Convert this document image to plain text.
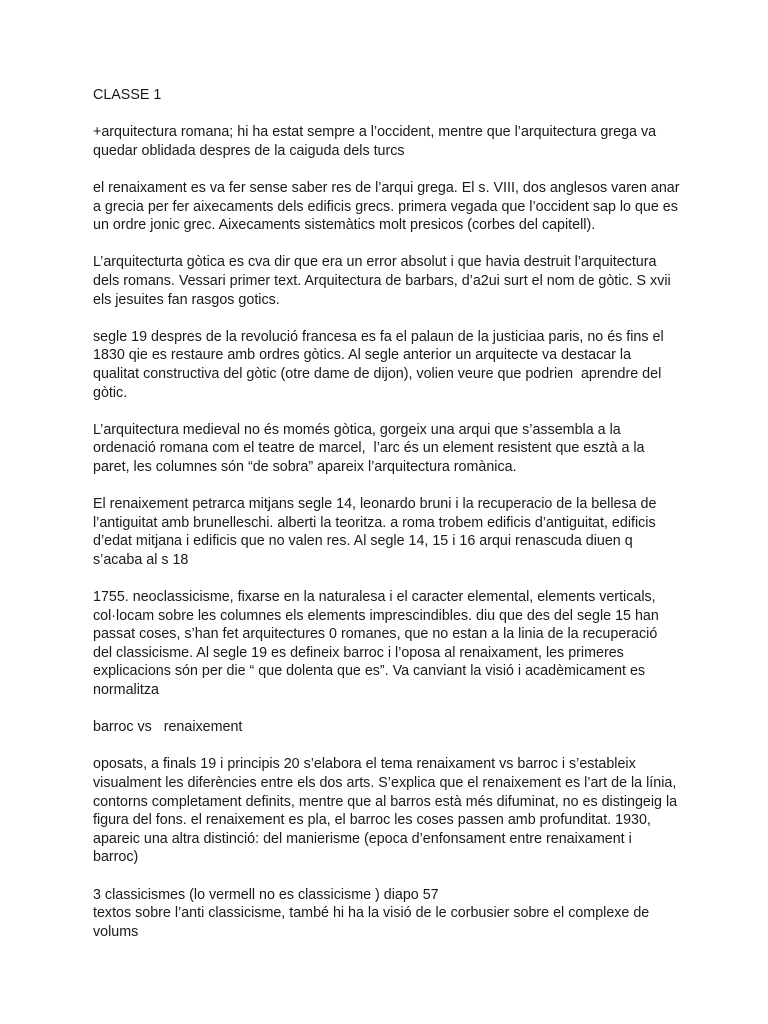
CLASSE 1

+arquitectura romana; hi ha estat sempre a l’occident, mentre que l’arquitectura grega va
quedar oblidada despres de la caiguda dels turcs

el renaixament es va fer sense saber res de l’arqui grega. El s. VIII, dos anglesos varen anar
a grecia per fer aixecaments dels edificis grecs. primera vegada que l’occident sap lo que es
un ordre jonic grec. Aixecaments sistemàtics molt presicos (corbes del capitell).

L’arquitecturta gòtica es cva dir que era un error absolut i que havia destruit l’arquitectura
dels romans. Vessari primer text. Arquitectura de barbars, d’a2ui surt el nom de gòtic. S xvii
els jesuites fan rasgos gotics.

segle 19 despres de la revolució francesa es fa el palaun de la justiciaa paris, no és fins el
1830 qie es restaure amb ordres gòtics. Al segle anterior un arquitecte va destacar la
qualitat constructiva del gòtic (otre dame de dijon), volien veure que podrien  aprendre del
gòtic.

L’arquitectura medieval no és momés gòtica, gorgeix una arqui que s’assembla a la
ordenació romana com el teatre de marcel,  l’arc és un element resistent que esztà a la
paret, les columnes són “de sobra” apareix l’arquitectura romànica.

El renaixement petrarca mitjans segle 14, leonardo bruni i la recuperacio de la bellesa de
l’antiguitat amb brunelleschi. alberti la teoritza. a roma trobem edificis d’antiguitat, edificis
d’edat mitjana i edificis que no valen res. Al segle 14, 15 i 16 arqui renascuda diuen q
s’acaba al s 18

1755. neoclassicisme, fixarse en la naturalesa i el caracter elemental, elements verticals,
col·locam sobre les columnes els elements imprescindibles. diu que des del segle 15 han
passat coses, s’han fet arquitectures 0 romanes, que no estan a la linia de la recuperació
del classicisme. Al segle 19 es defineix barroc i l’oposa al renaixament, les primeres
explicacions són per die “ que dolenta que es”. Va canviant la visió i acadèmicament es
normalitza

barroc vs   renaixement

oposats, a finals 19 i principis 20 s’elabora el tema renaixament vs barroc i s’estableix
visualment les diferències entre els dos arts. S’explica que el renaixement es l’art de la línia,
contorns completament definits, mentre que al barros està més difuminat, no es distingeig la
figura del fons. el renaixement es pla, el barroc les coses passen amb profunditat. 1930,
apareic una altra distinció: del manierisme (epoca d’enfonsament entre renaixament i
barroc)

3 classicismes (lo vermell no es classicisme ) diapo 57

textos sobre l’anti classicisme, també hi ha la visió de le corbusier sobre el complexe de
volums
